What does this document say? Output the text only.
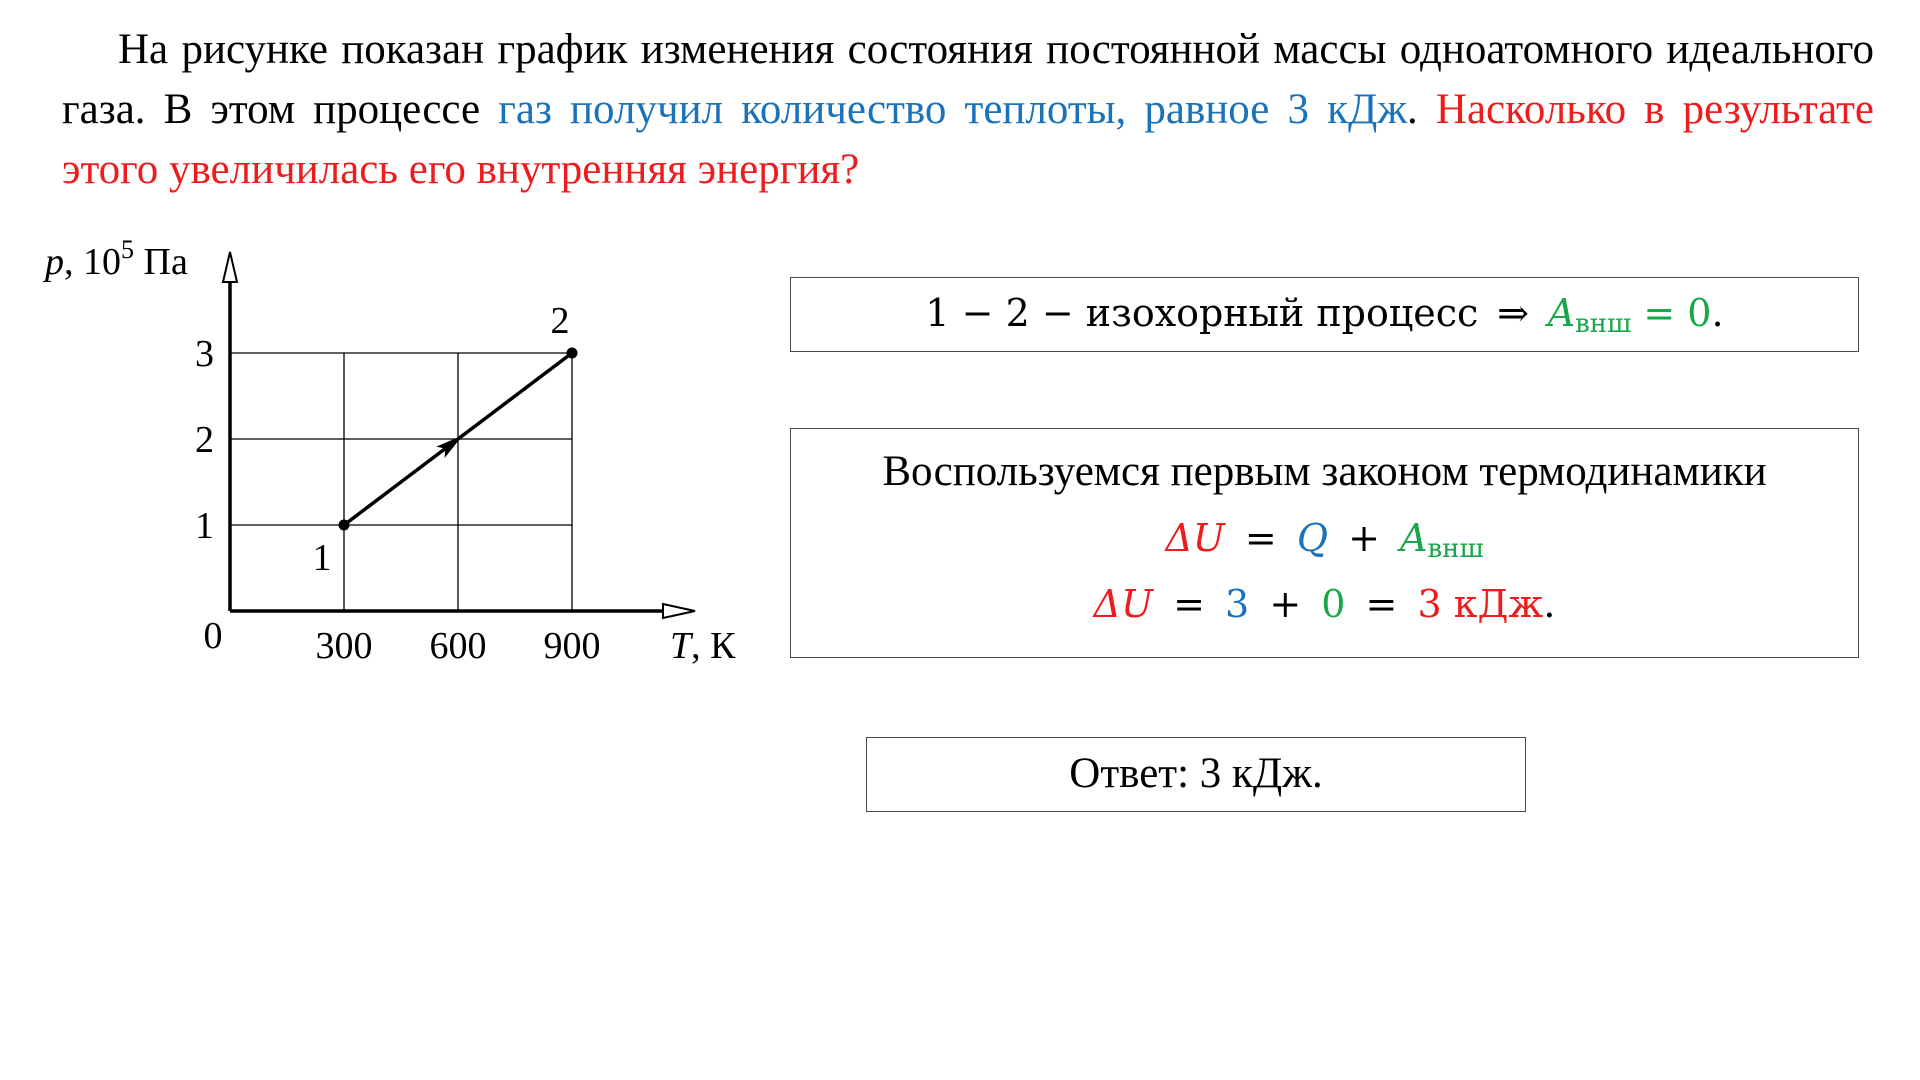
На рисунке показан график изменения состояния постоянной массы одноатомного идеального газа. В этом процессе газ получил количество теплоты, равное 3 кДж. Насколько в результате этого увеличилась его внутренняя энергия?
300 600 900
1
2
3
0
p, $10^5$ Па
T, К
1
2	1 − 2 − изохорный процесс ⇒ $A_{внш} = 0$.
Воспользуемся первым законом термодинамики
$\Delta U = Q + A_{внш}$
ΔU = 3 + 0 = 3 кДж.
Ответ: 3 кДж.
